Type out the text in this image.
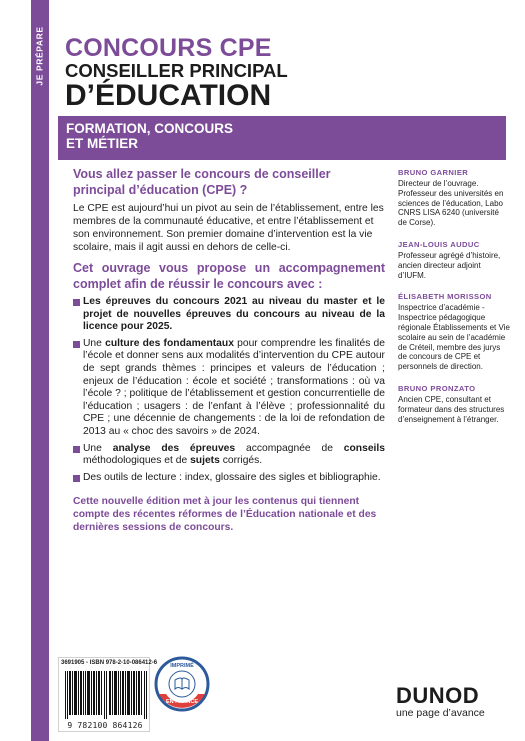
JE PRÉPARE CONCOURS CPE
CONSEILLER PRINCIPAL
D’ÉDUCATION
FORMATION, CONCOURS ET MÉTIER
Vous allez passer le concours de conseiller principal d’éducation (CPE) ?
Le CPE est aujourd’hui un pivot au sein de l’établissement, entre les membres de la communauté éducative, et entre l’établissement et son environnement. Son premier domaine d’intervention est la vie scolaire, mais il agit aussi en dehors de celle-ci.
Cet ouvrage vous propose un accompagnement complet afin de réussir le concours avec :
Les épreuves du concours 2021 au niveau du master et le projet de nouvelles épreuves du concours au niveau de la licence pour 2025.
Une culture des fondamentaux pour comprendre les finalités de l’école et donner sens aux modalités d’intervention du CPE autour de sept grands thèmes : principes et valeurs de l’éducation ; enjeux de l’éducation : école et société ; transformations : où va l’école ? ; politique de l’établissement et gestion concurrentielle de l’éducation ; usagers : de l’enfant à l’élève ; professionnalité du CPE ; une décennie de changements : de la loi de refondation de 2013 au « choc des savoirs » de 2024.
Une analyse des épreuves accompagnée de conseils méthodologiques et de sujets corrigés.
Des outils de lecture : index, glossaire des sigles et bibliographie.
Cette nouvelle édition met à jour les contenus qui tiennent compte des récentes réformes de l’Éducation nationale et des dernières sessions de concours.
BRUNO GARNIER
Directeur de l’ouvrage. Professeur des universités en sciences de l’éducation, Labo CNRS LISA 6240 (université de Corse).
JEAN-LOUIS AUDUC
Professeur agrégé d’histoire, ancien directeur adjoint d’IUFM.
ÉLISABETH MORISSON
Inspectrice d’académie - Inspectrice pédagogique régionale Établissements et Vie scolaire au sein de l’académie de Créteil, membre des jurys de concours de CPE et personnels de direction.
BRUNO PRONZATO
Ancien CPE, consultant et formateur dans des structures d’enseignement à l’étranger.
3691905 - ISBN 978-2-10-086412-6
9 782100 864126
IMPRIMÉ
EN FRANCE	DUNOD
une page d’avance
